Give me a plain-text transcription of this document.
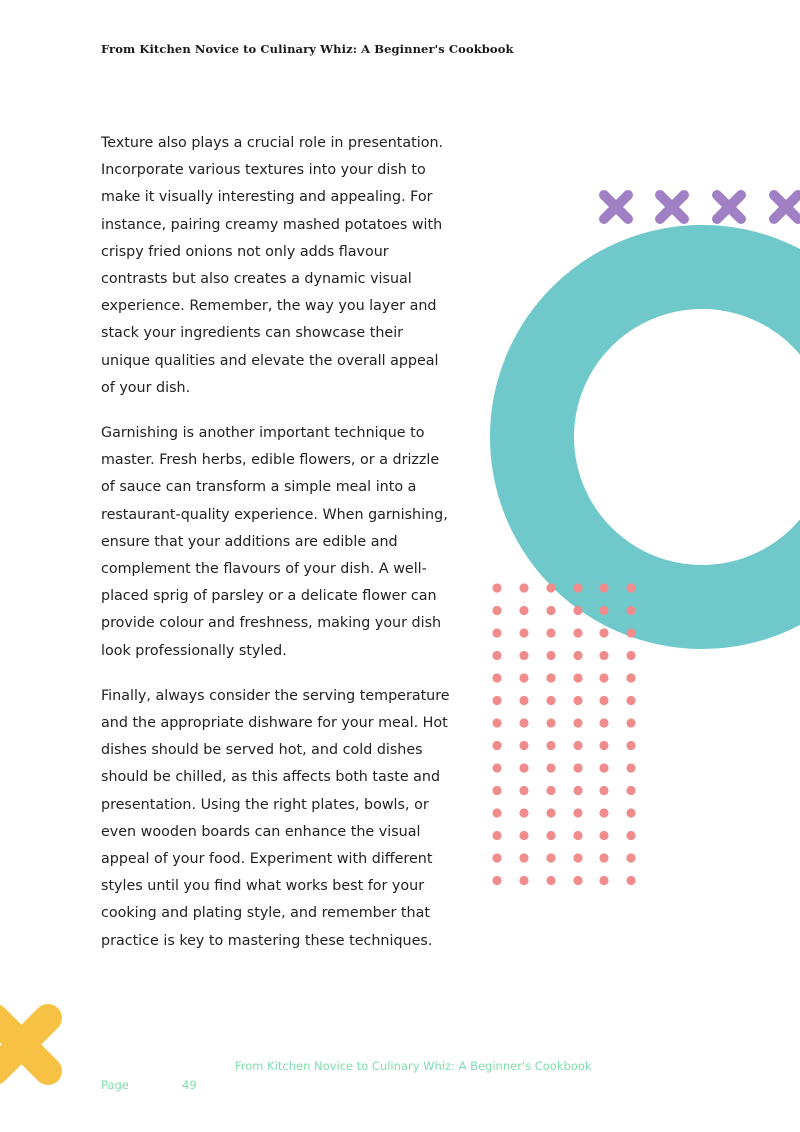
From Kitchen Novice to Culinary Whiz: A Beginner's Cookbook

Texture also plays a crucial role in presentation. Incorporate various textures into your dish to make it visually interesting and appealing. For instance, pairing creamy mashed potatoes with crispy fried onions not only adds flavour contrasts but also creates a dynamic visual experience. Remember, the way you layer and stack your ingredients can showcase their unique qualities and elevate the overall appeal of your dish.

Garnishing is another important technique to master. Fresh herbs, edible flowers, or a drizzle of sauce can transform a simple meal into a restaurant-quality experience. When garnishing, ensure that your additions are edible and complement the flavours of your dish. A well-placed sprig of parsley or a delicate flower can provide colour and freshness, making your dish look professionally styled.

Finally, always consider the serving temperature and the appropriate dishware for your meal. Hot dishes should be served hot, and cold dishes should be chilled, as this affects both taste and presentation. Using the right plates, bowls, or even wooden boards can enhance the visual appeal of your food. Experiment with different styles until you find what works best for your cooking and plating style, and remember that practice is key to mastering these techniques.

From Kitchen Novice to Culinary Whiz: A Beginner's Cookbook
Page	49
